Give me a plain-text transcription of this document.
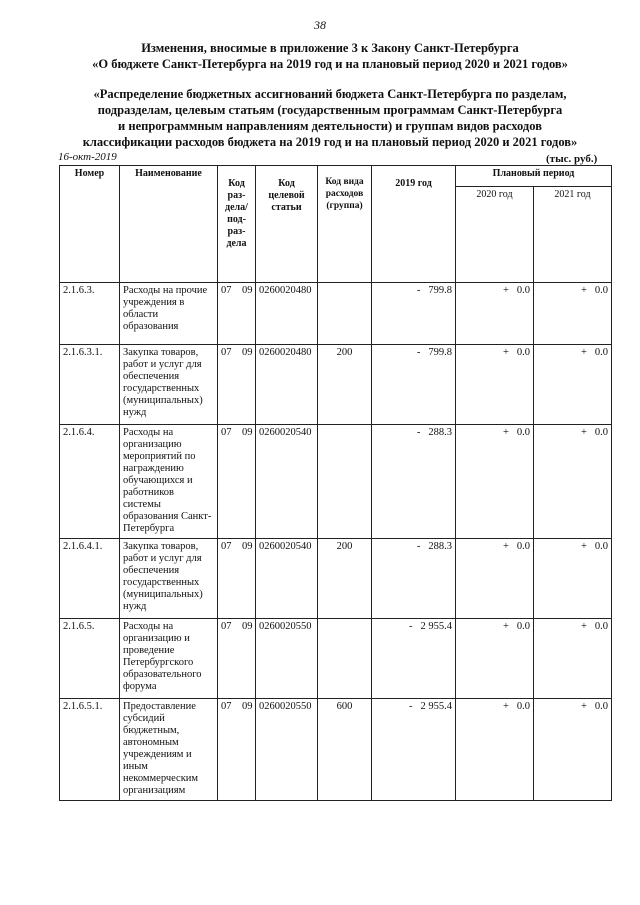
38
Изменения, вносимые в приложение 3 к Закону Санкт-Петербурга
«О бюджете Санкт-Петербурга на 2019 год и на плановый период 2020 и 2021 годов»
«Распределение бюджетных ассигнований бюджета Санкт-Петербурга по разделам,
подразделам, целевым статьям (государственным программам Санкт-Петербурга
и непрограммным направлениям деятельности) и группам видов расходов
классификации расходов бюджета на 2019 год и на плановый период 2020 и 2021 годов»
16-окт-2019	(тыс. руб.)
Номер	Наименование	Код раз-дела/ под-раз-дела	Код целевой статьи	Код вида расходов (группа)	2019 год	Плановый период	
						2020 год	2021 год
2.1.6.3.	Расходы на прочие учреждения в области образования	07 09	0260020480		- 799.8	+ 0.0	+ 0.0
2.1.6.3.1.	Закупка товаров, работ и услуг для обеспечения государственных (муниципальных) нужд	07 09	0260020480	200	- 799.8	+ 0.0	+ 0.0
2.1.6.4.	Расходы на организацию мероприятий по награждению обучающихся и работников системы образования Санкт-Петербурга	07 09	0260020540		- 288.3	+ 0.0	+ 0.0
2.1.6.4.1.	Закупка товаров, работ и услуг для обеспечения государственных (муниципальных) нужд	07 09	0260020540	200	- 288.3	+ 0.0	+ 0.0
2.1.6.5.	Расходы на организацию и проведение Петербургского образовательного форума	07 09	0260020550		- 2 955.4	+ 0.0	+ 0.0
2.1.6.5.1.	Предоставление субсидий бюджетным, автономным учреждениям и иным некоммерческим организациям	07 09	0260020550	600	- 2 955.4	+ 0.0	+ 0.0
